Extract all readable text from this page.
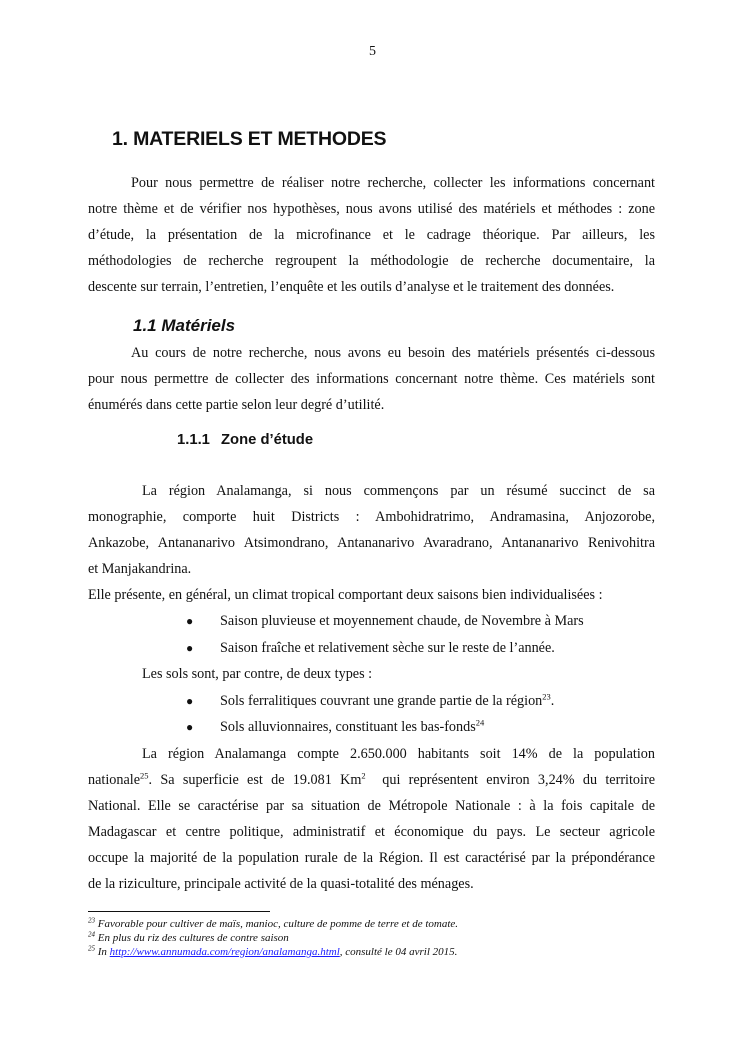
5
1. MATERIELS ET METHODES
Pour nous permettre de réaliser notre recherche, collecter les informations concernant
notre thème et de vérifier nos hypothèses, nous avons utilisé des matériels et méthodes : zone
d’étude, la présentation de la microfinance et le cadrage théorique. Par ailleurs, les
méthodologies de recherche regroupent la méthodologie de recherche documentaire, la
descente sur terrain, l’entretien, l’enquête et les outils d’analyse et le traitement des données.
1.1 Matériels
Au cours de notre recherche, nous avons eu besoin des matériels présentés ci-dessous
pour nous permettre de collecter des informations concernant notre thème. Ces matériels sont
énumérés dans cette partie selon leur degré d’utilité.
1.1.1 Zone d’étude
La région Analamanga, si nous commençons par un résumé succinct de sa
monographie, comporte huit Districts : Ambohidratrimo, Andramasina, Anjozorobe,
Ankazobe, Antananarivo Atsimondrano, Antananarivo Avaradrano, Antananarivo Renivohitra
et Manjakandrina.
Elle présente, en général, un climat tropical comportant deux saisons bien individualisées :
● Saison pluvieuse et moyennement chaude, de Novembre à Mars
● Saison fraîche et relativement sèche sur le reste de l’année.
Les sols sont, par contre, de deux types :
● Sols ferralitiques couvrant une grande partie de la région$^{23}$.
● Sols alluvionnaires, constituant les bas-fonds$^{24}$
La région Analamanga compte 2.650.000 habitants soit 14% de la population
nationale$^{25}$. Sa superficie est de 19.081 Km$^2$  qui représentent environ 3,24% du territoire
National. Elle se caractérise par sa situation de Métropole Nationale : à la fois capitale de
Madagascar et centre politique, administratif et économique du pays. Le secteur agricole
occupe la majorité de la population rurale de la Région. Il est caractérisé par la prépondérance
de la riziculture, principale activité de la quasi-totalité des ménages.
$^{23}$ Favorable pour cultiver de maïs, manioc, culture de pomme de terre et de tomate.
$^{24}$ En plus du riz des cultures de contre saison
$^{25}$ In http://www.annumada.com/region/analamanga.html, consulté le 04 avril 2015.
